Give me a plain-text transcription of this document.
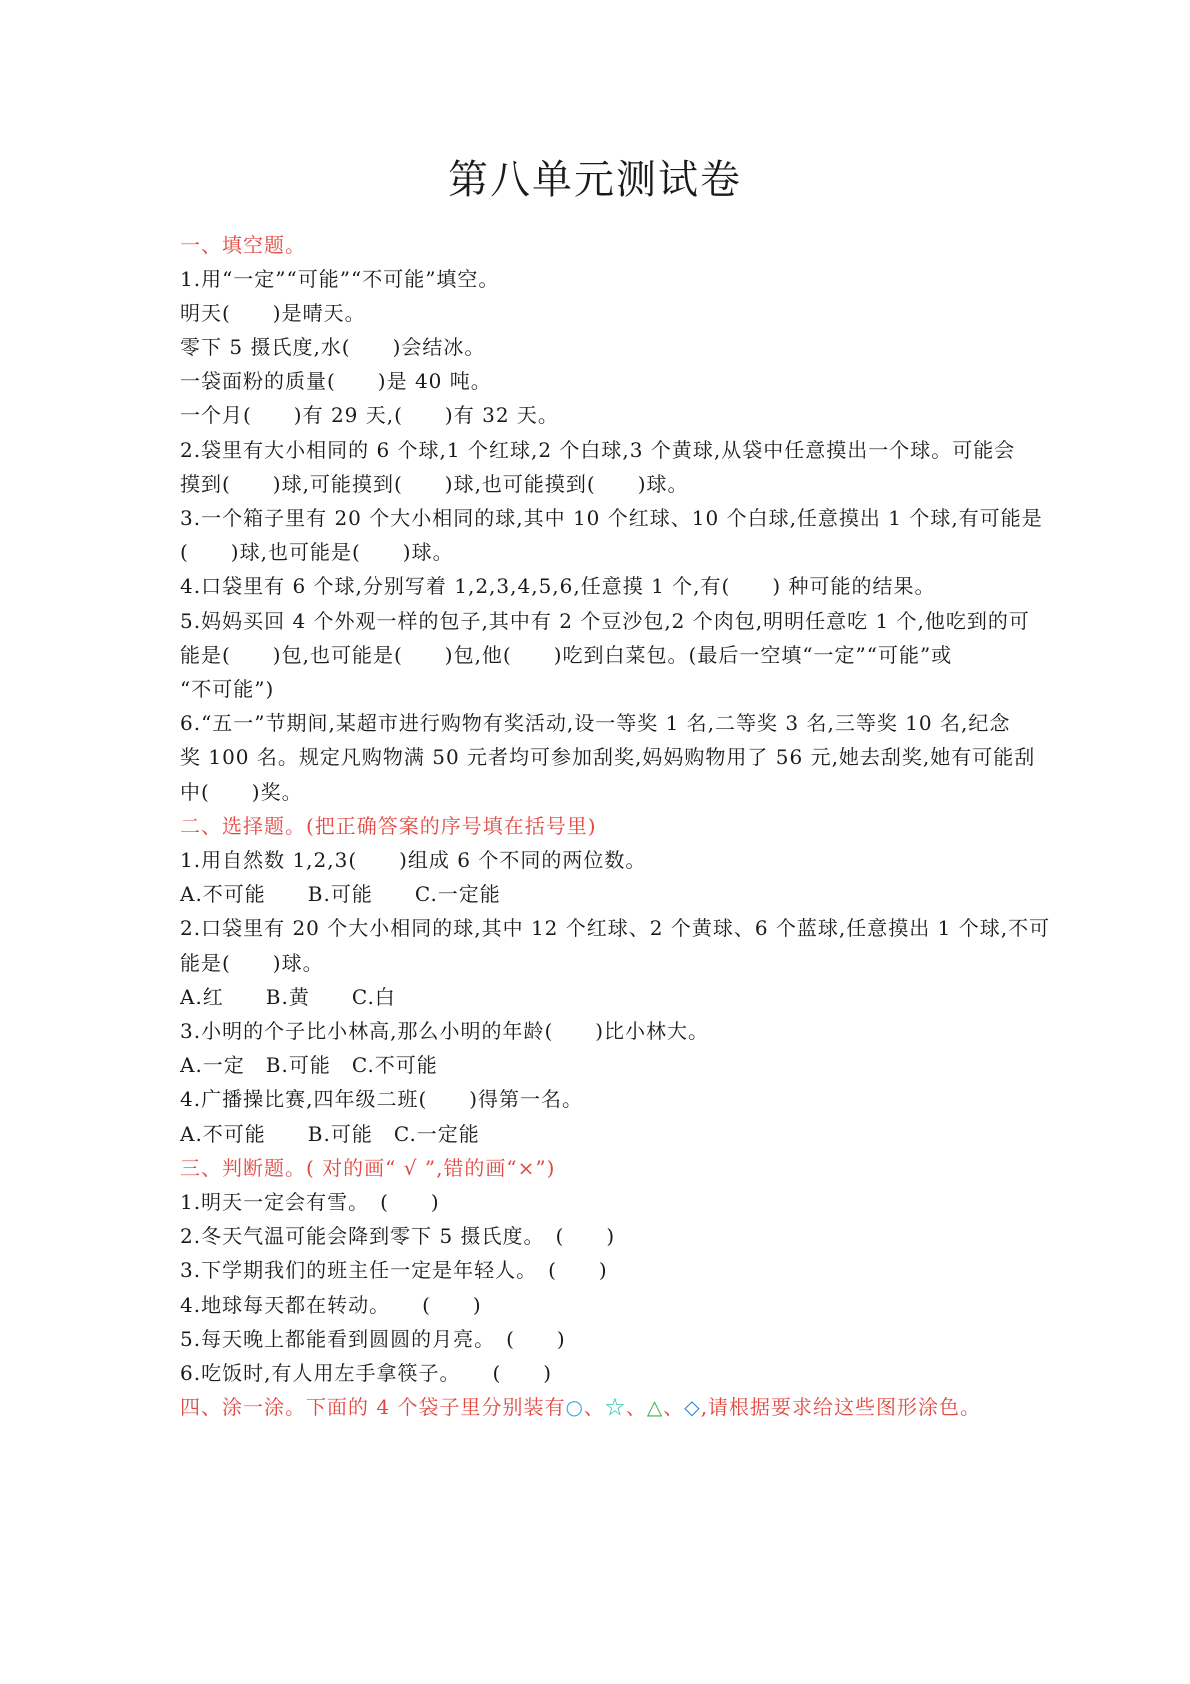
第八单元测试卷
一、填空题。
1.用“一定”“可能”“不可能”填空。
明天(　　)是晴天。
零下 5 摄氏度,水(　　)会结冰。
一袋面粉的质量(　　)是 40 吨。
一个月(　　)有 29 天,(　　)有 32 天。
2.袋里有大小相同的 6 个球,1 个红球,2 个白球,3 个黄球,从袋中任意摸出一个球。可能会
摸到(　　)球,可能摸到(　　)球,也可能摸到(　　)球。
3.一个箱子里有 20 个大小相同的球,其中 10 个红球、10 个白球,任意摸出 1 个球,有可能是
(　　)球,也可能是(　　)球。
4.口袋里有 6 个球,分别写着 1,2,3,4,5,6,任意摸 1 个,有(　　) 种可能的结果。
5.妈妈买回 4 个外观一样的包子,其中有 2 个豆沙包,2 个肉包,明明任意吃 1 个,他吃到的可
能是(　　)包,也可能是(　　)包,他(　　)吃到白菜包。(最后一空填“一定”“可能”或
“不可能”)
6.“五一”节期间,某超市进行购物有奖活动,设一等奖 1 名,二等奖 3 名,三等奖 10 名,纪念
奖 100 名。规定凡购物满 50 元者均可参加刮奖,妈妈购物用了 56 元,她去刮奖,她有可能刮
中(　　)奖。
二、选择题。(把正确答案的序号填在括号里)
1.用自然数 1,2,3(　　)组成 6 个不同的两位数。
A.不可能　　B.可能　　C.一定能
2.口袋里有 20 个大小相同的球,其中 12 个红球、2 个黄球、6 个蓝球,任意摸出 1 个球,不可
能是(　　)球。
A.红　　B.黄　　C.白
3.小明的个子比小林高,那么小明的年龄(　　)比小林大。
A.一定　B.可能　C.不可能
4.广播操比赛,四年级二班(　　)得第一名。
A.不可能　　B.可能　C.一定能
三、判断题。( 对的画“ √ ”,错的画“×”)
1.明天一定会有雪。　(　　)
2.冬天气温可能会降到零下 5 摄氏度。　(　　)
3.下学期我们的班主任一定是年轻人。　(　　)
4.地球每天都在转动。　　(　　)
5.每天晚上都能看到圆圆的月亮。　(　　)
6.吃饭时,有人用左手拿筷子。　　(　　)
四、涂一涂。下面的 4 个袋子里分别装有○、☆、△、◇,请根据要求给这些图形涂色。
